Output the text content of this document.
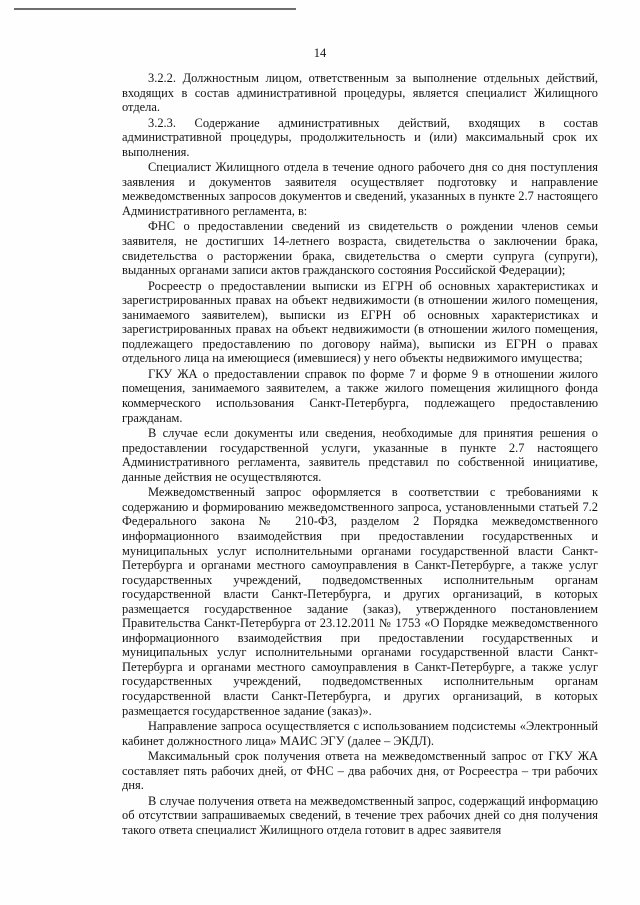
14

3.2.2. Должностным лицом, ответственным за выполнение отдельных действий, входящих в состав административной процедуры, является специалист Жилищного отдела.

3.2.3. Содержание административных действий, входящих в состав административной процедуры, продолжительность и (или) максимальный срок их выполнения.

Специалист Жилищного отдела в течение одного рабочего дня со дня поступления заявления и документов заявителя осуществляет подготовку и направление межведомственных запросов документов и сведений, указанных в пункте 2.7 настоящего Административного регламента, в:

ФНС о предоставлении сведений из свидетельств о рождении членов семьи заявителя, не достигших 14-летнего возраста, свидетельства о заключении брака, свидетельства о расторжении брака, свидетельства о смерти супруга (супруги), выданных органами записи актов гражданского состояния Российской Федерации);

Росреестр о предоставлении выписки из ЕГРН об основных характеристиках и зарегистрированных правах на объект недвижимости (в отношении жилого помещения, занимаемого заявителем), выписки из ЕГРН об основных характеристиках и зарегистрированных правах на объект недвижимости (в отношении жилого помещения, подлежащего предоставлению по договору найма), выписки из ЕГРН о правах отдельного лица на имеющиеся (имевшиеся) у него объекты недвижимого имущества;

ГКУ ЖА о предоставлении справок по форме 7 и форме 9 в отношении жилого помещения, занимаемого заявителем, а также жилого помещения жилищного фонда коммерческого использования Санкт-Петербурга, подлежащего предоставлению гражданам.

В случае если документы или сведения, необходимые для принятия решения о предоставлении государственной услуги, указанные в пункте 2.7 настоящего Административного регламента, заявитель представил по собственной инициативе, данные действия не осуществляются.

Межведомственный запрос оформляется в соответствии с требованиями к содержанию и формированию межведомственного запроса, установленными статьей 7.2 Федерального закона № 210-ФЗ, разделом 2 Порядка межведомственного информационного взаимодействия при предоставлении государственных и муниципальных услуг исполнительными органами государственной власти Санкт-Петербурга и органами местного самоуправления в Санкт-Петербурге, а также услуг государственных учреждений, подведомственных исполнительным органам государственной власти Санкт-Петербурга, и других организаций, в которых размещается государственное задание (заказ), утвержденного постановлением Правительства Санкт-Петербурга от 23.12.2011 № 1753 «О Порядке межведомственного информационного взаимодействия при предоставлении государственных и муниципальных услуг исполнительными органами государственной власти Санкт-Петербурга и органами местного самоуправления в Санкт-Петербурге, а также услуг государственных учреждений, подведомственных исполнительным органам государственной власти Санкт-Петербурга, и других организаций, в которых размещается государственное задание (заказ)».

Направление запроса осуществляется с использованием подсистемы «Электронный кабинет должностного лица» МАИС ЭГУ (далее – ЭКДЛ).

Максимальный срок получения ответа на межведомственный запрос от ГКУ ЖА составляет пять рабочих дней, от ФНС – два рабочих дня, от Росреестра – три рабочих дня.

В случае получения ответа на межведомственный запрос, содержащий информацию об отсутствии запрашиваемых сведений, в течение трех рабочих дней со дня получения такого ответа специалист Жилищного отдела готовит в адрес заявителя
